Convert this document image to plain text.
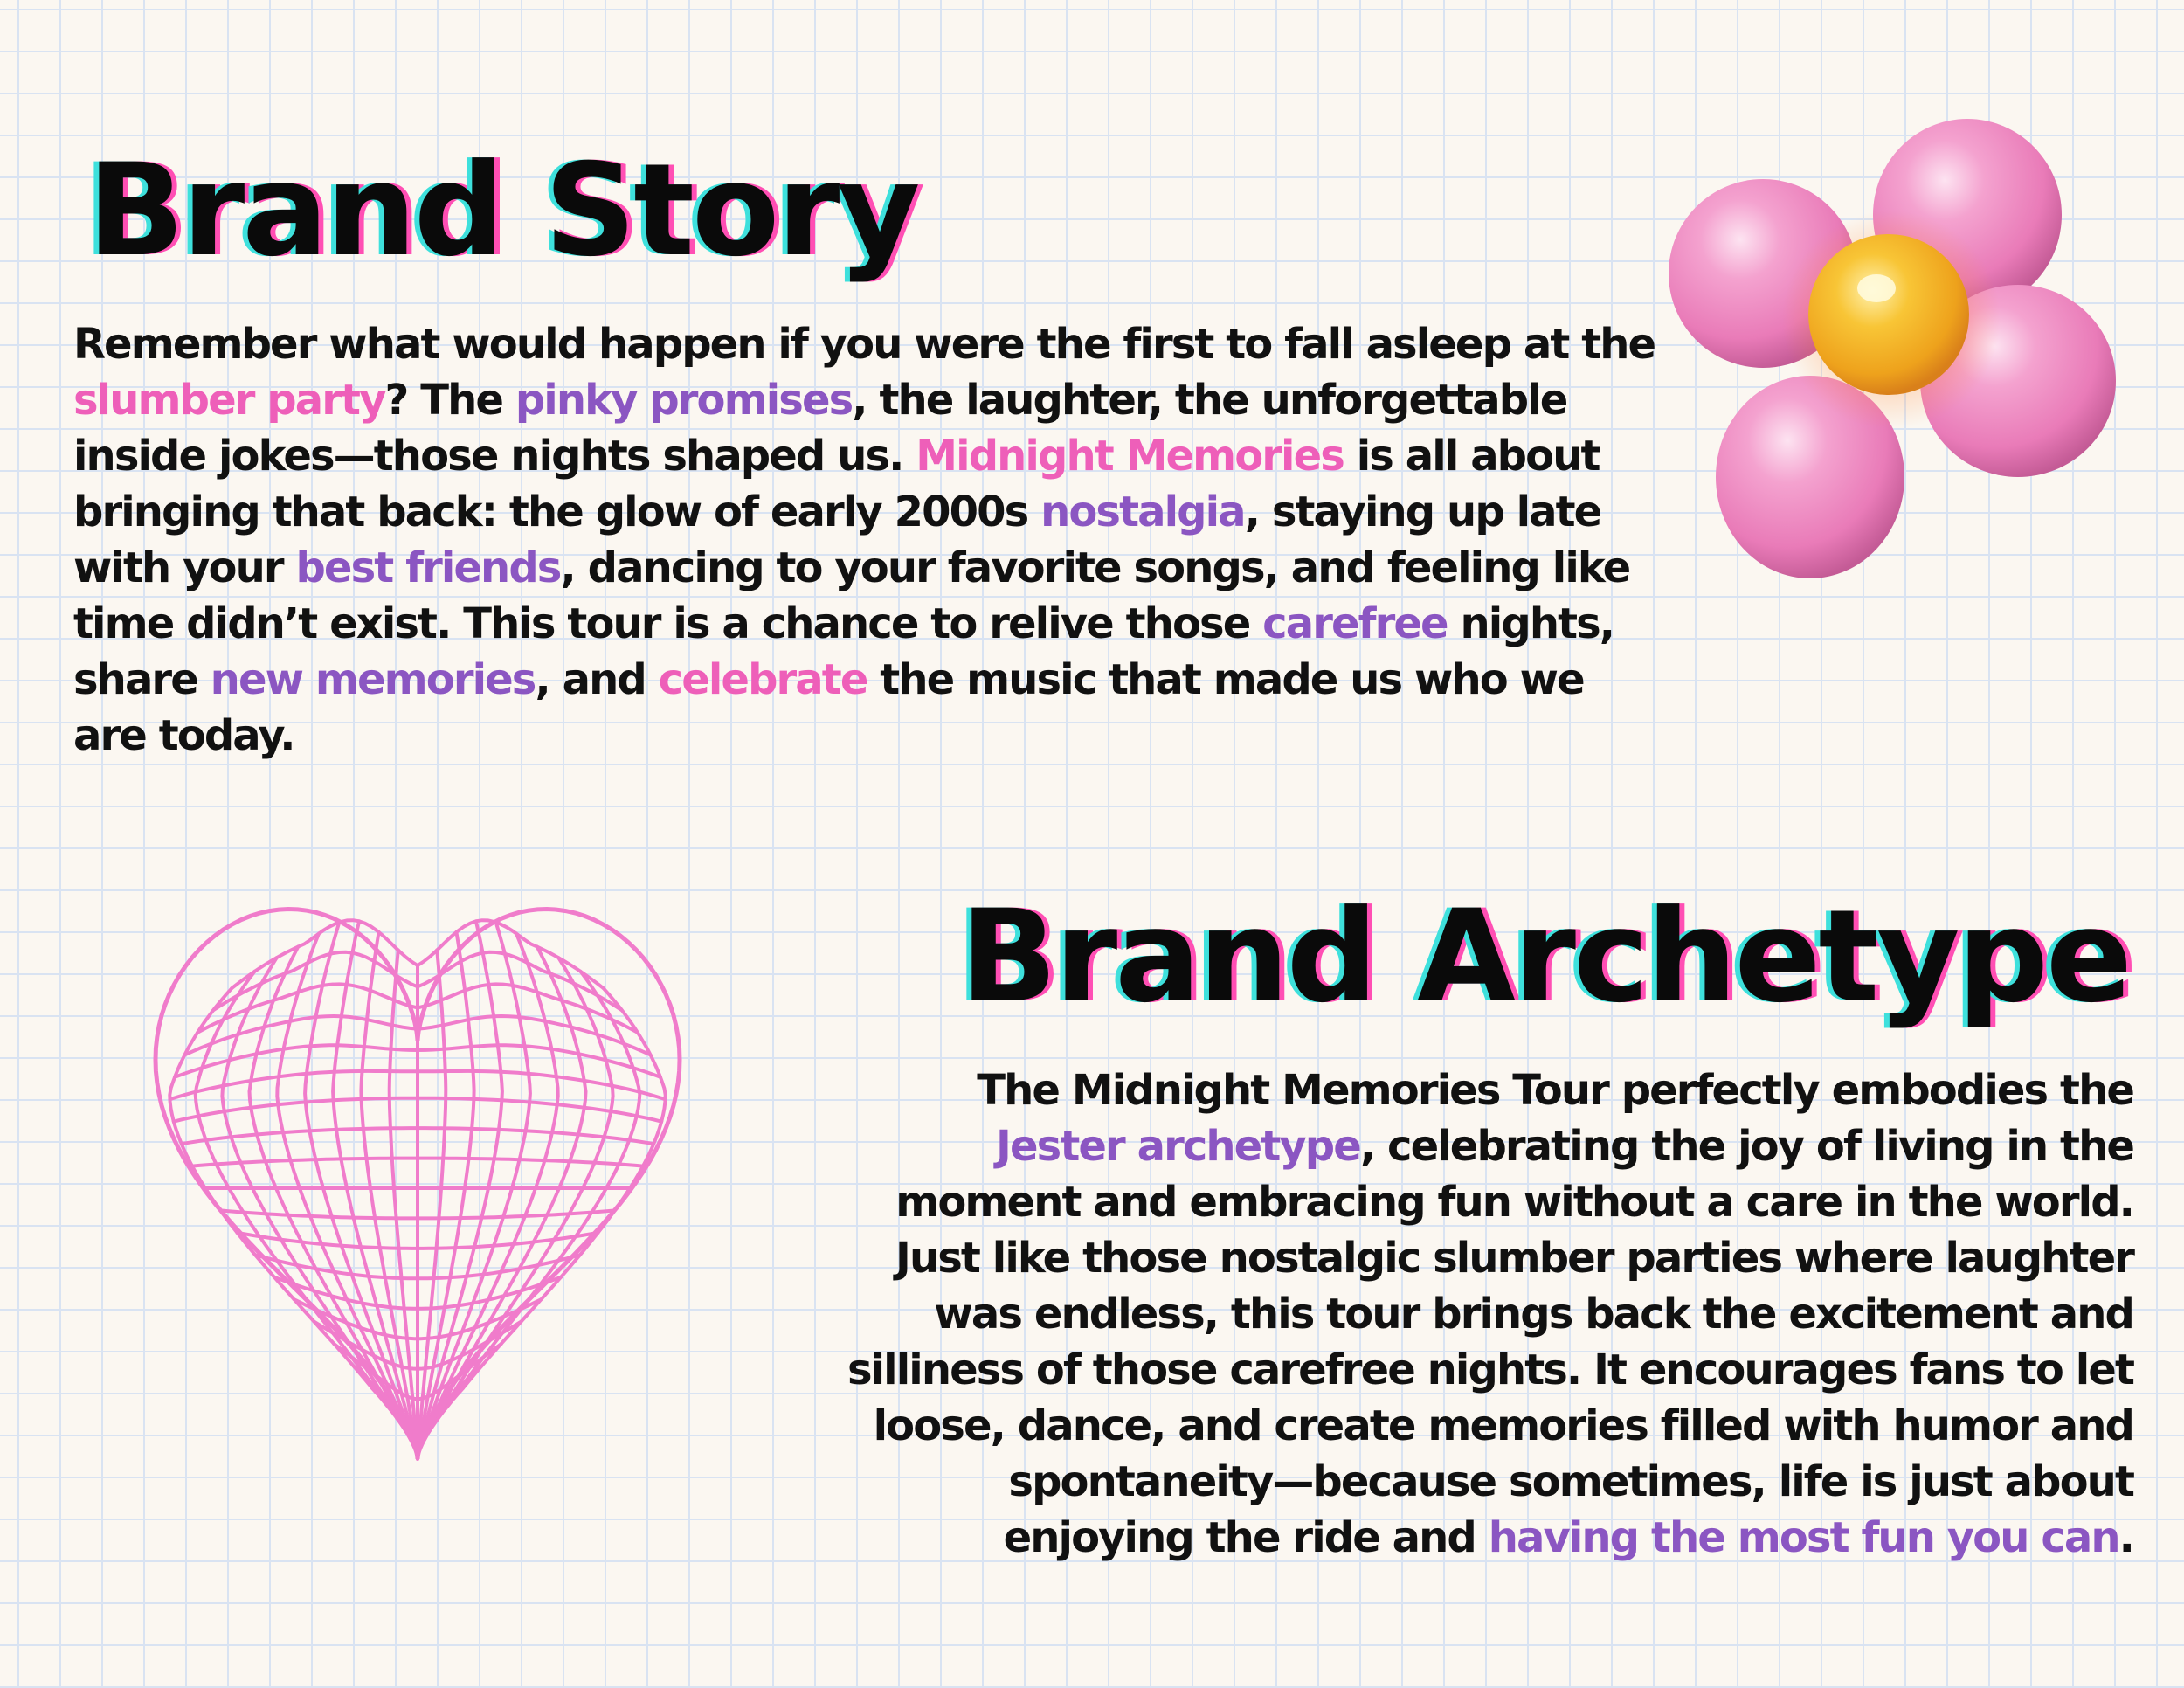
Brand Story

Remember what would happen if you were the first to fall asleep at the
slumber party? The pinky promises, the laughter, the unforgettable
inside jokes—those nights shaped us. Midnight Memories is all about
bringing that back: the glow of early 2000s nostalgia, staying up late
with your best friends, dancing to your favorite songs, and feeling like
time didn’t exist. This tour is a chance to relive those carefree nights,
share new memories, and celebrate the music that made us who we
are today.

Brand Archetype

The Midnight Memories Tour perfectly embodies the
Jester archetype, celebrating the joy of living in the
moment and embracing fun without a care in the world.
Just like those nostalgic slumber parties where laughter
was endless, this tour brings back the excitement and
silliness of those carefree nights. It encourages fans to let
loose, dance, and create memories filled with humor and
spontaneity—because sometimes, life is just about
enjoying the ride and having the most fun you can.
